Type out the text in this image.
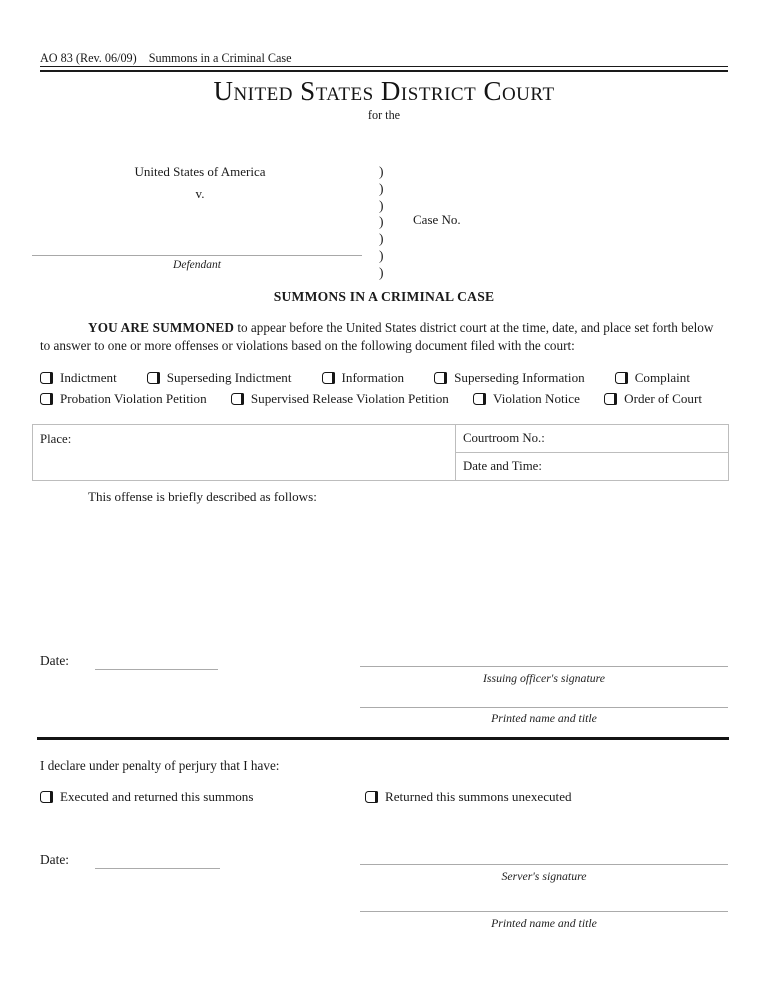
AO 83 (Rev. 06/09) Summons in a Criminal Case
United States District Court
for the
United States of America
v.
Defendant
)
)
)
)
)
)
)
Case No.
SUMMONS IN A CRIMINAL CASE
YOU ARE SUMMONED to appear before the United States district court at the time, date, and place set forth below to answer to one or more offenses or violations based on the following document filed with the court:
Indictment	Superseding Indictment	Information	Superseding Information	Complaint
Probation Violation Petition	Supervised Release Violation Petition	Violation Notice	Order of Court
Place:	Courtroom No.:
Date and Time:
This offense is briefly described as follows:
Date:
Issuing officer's signature
Printed name and title
I declare under penalty of perjury that I have:
Executed and returned this summons	Returned this summons unexecuted
Date:
Server's signature
Printed name and title
